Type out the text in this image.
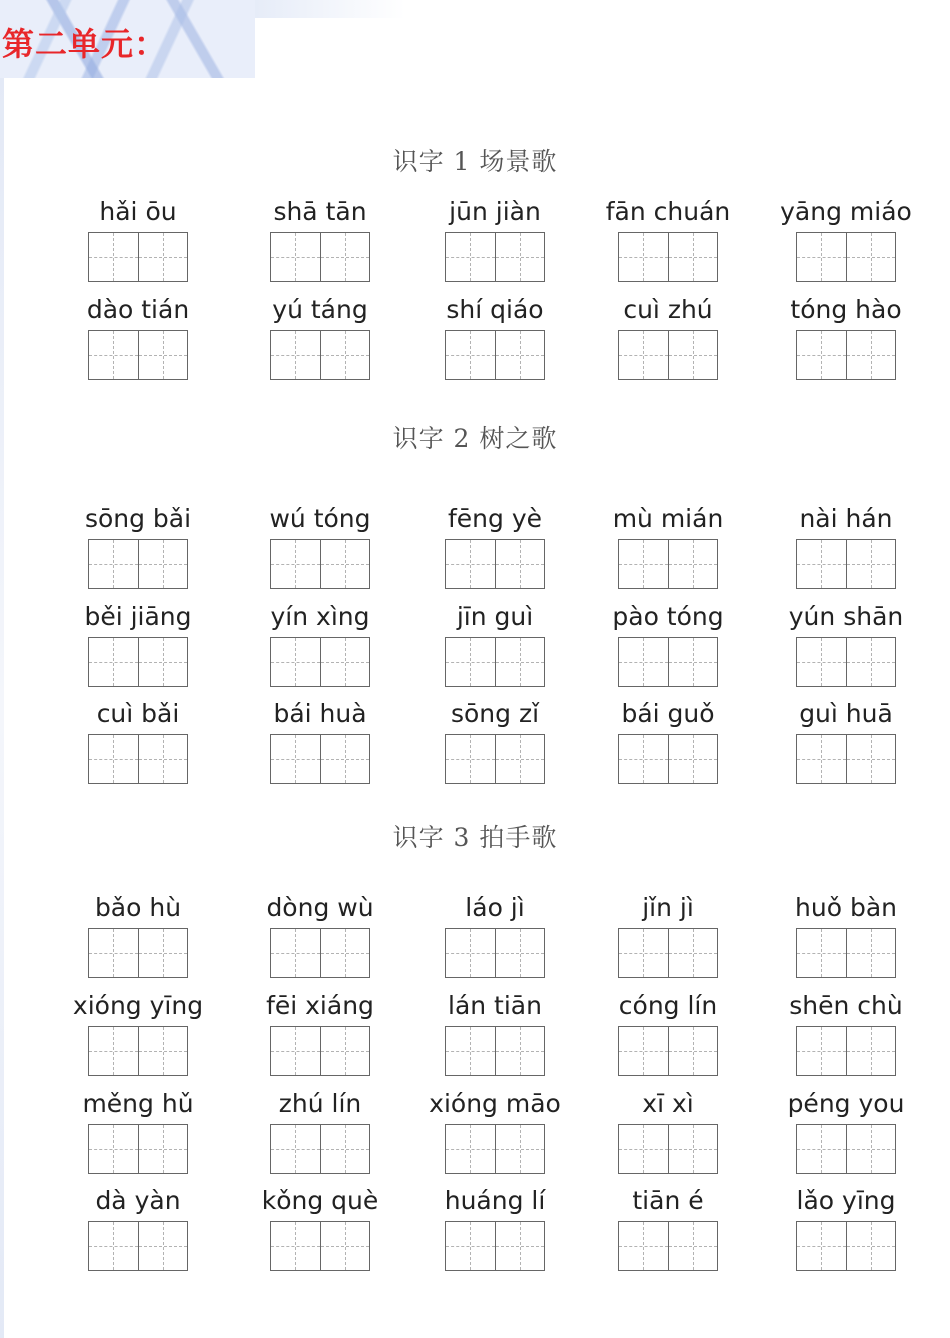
第二单元：
识字 1 场景歌
hǎi ōu	shā tān	jūn jiàn	fān chuán	yāng miáo
dào tián	yú táng	shí qiáo	cuì zhú	tóng hào
识字 2 树之歌
sōng bǎi	wú tóng	fēng yè	mù mián	nài hán
běi jiāng	yín xìng	jīn guì	pào tóng	yún shān
cuì bǎi	bái huà	sōng zǐ	bái guǒ	guì huā
识字 3 拍手歌
bǎo hù	dòng wù	láo jì	jǐn jì	huǒ bàn
xióng yīng	fēi xiáng	lán tiān	cóng lín	shēn chù
měng hǔ	zhú lín	xióng māo	xī xì	péng you
dà yàn	kǒng què	huáng lí	tiān é	lǎo yīng
